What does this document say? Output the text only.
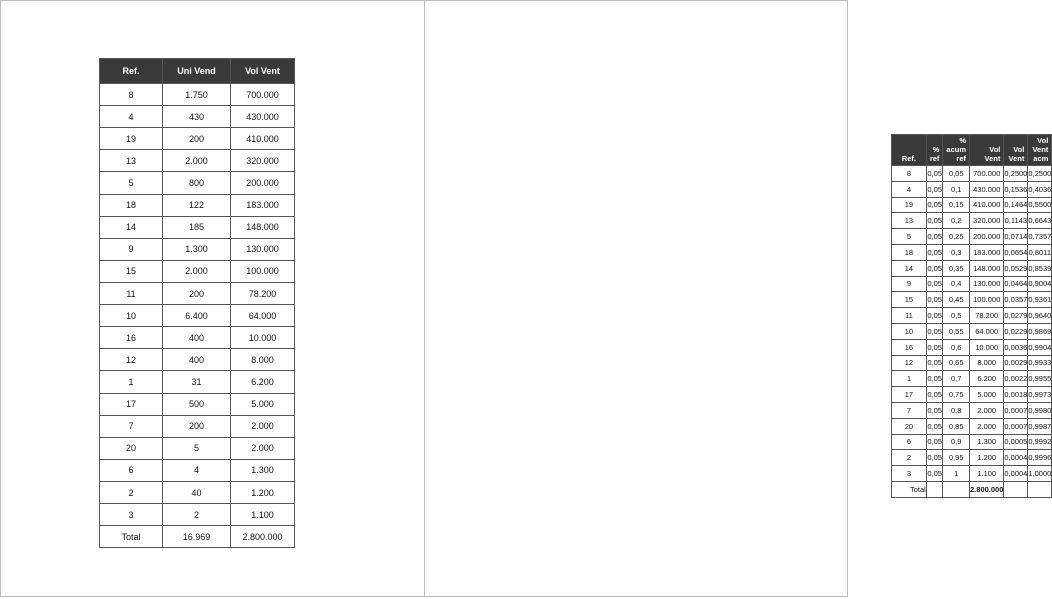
Ref.	Uni Vend	Vol Vent
8	1.750	700.000
4	430	430.000
19	200	410.000
13	2.000	320.000
5	800	200.000
18	122	183.000
14	185	148.000
9	1.300	130.000
15	2.000	100.000
11	200	78.200
10	6.400	64.000
16	400	10.000
12	400	8.000
1	31	6.200
17	500	5.000
7	200	2.000
20	5	2.000
6	4	1.300
2	40	1.200
3	2	1.100
Total	16.969	2.800.000
Ref.	% ref	% acum ref	Vol Vent	Vol Vent	Vol Vent acm
8	0,05	0,05	700.000	0,2500	0,2500
4	0,05	0,1	430.000	0,1536	0,4036
19	0,05	0,15	410.000	0,1464	0,5500
13	0,05	0,2	320.000	0,1143	0,6643
5	0,05	0,25	200.000	0,0714	0,7357
18	0,05	0,3	183.000	0,0654	0,8011
14	0,05	0,35	148.000	0,0529	0,8539
9	0,05	0,4	130.000	0,0464	0,9004
15	0,05	0,45	100.000	0,0357	0,9361
11	0,05	0,5	78.200	0,0279	0,9640
10	0,05	0,55	64.000	0,0229	0,9869
16	0,05	0,6	10.000	0,0036	0,9904
12	0,05	0,65	8.000	0,0029	0,9933
1	0,05	0,7	6.200	0,0022	0,9955
17	0,05	0,75	5.000	0,0018	0,9973
7	0,05	0,8	2.000	0,0007	0,9980
20	0,05	0,85	2.000	0,0007	0,9987
6	0,05	0,9	1.300	0,0005	0,9992
2	0,05	0,95	1.200	0,0004	0,9996
3	0,05	1	1.100	0,0004	1,0000
Total			2.800.000		
